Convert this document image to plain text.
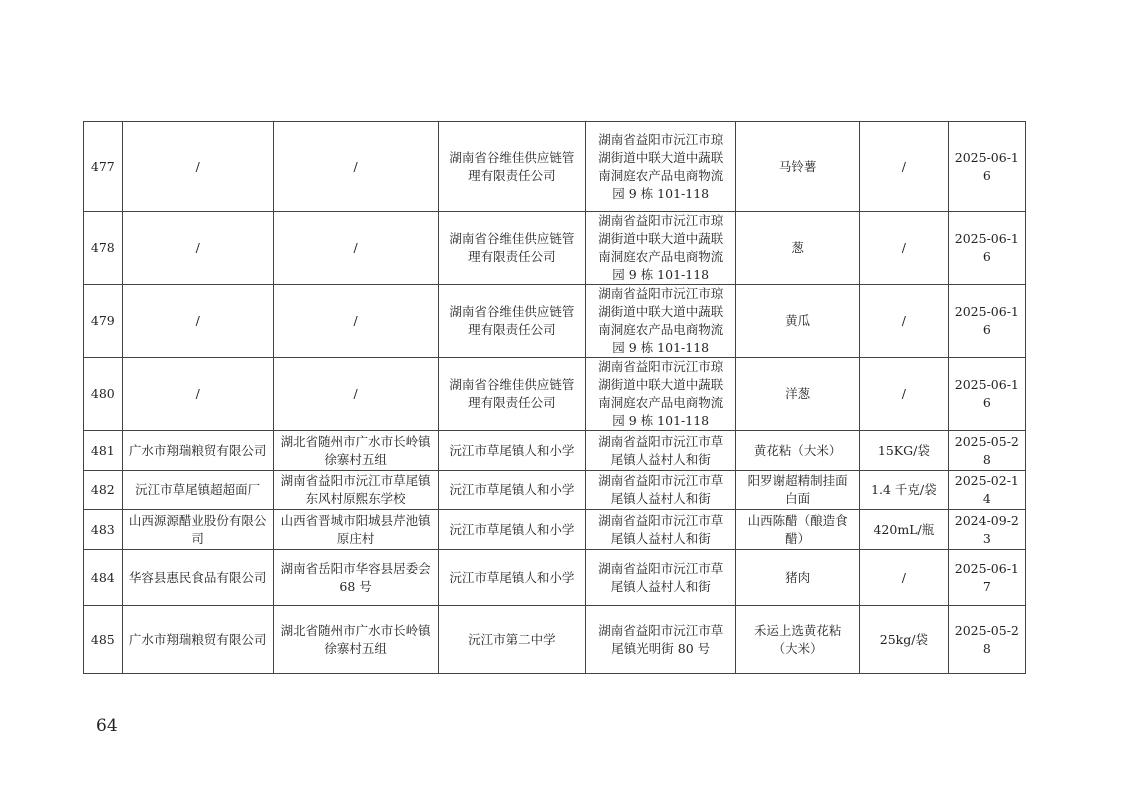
477	/	/	湖南省谷维佳供应链管理有限责任公司	湖南省益阳市沅江市琼湖街道中联大道中蔬联南洞庭农产品电商物流园 9 栋 101-118	马铃薯	/	2025-06-16
478	/	/	湖南省谷维佳供应链管理有限责任公司	湖南省益阳市沅江市琼湖街道中联大道中蔬联南洞庭农产品电商物流园 9 栋 101-118	葱	/	2025-06-16
479	/	/	湖南省谷维佳供应链管理有限责任公司	湖南省益阳市沅江市琼湖街道中联大道中蔬联南洞庭农产品电商物流园 9 栋 101-118	黄瓜	/	2025-06-16
480	/	/	湖南省谷维佳供应链管理有限责任公司	湖南省益阳市沅江市琼湖街道中联大道中蔬联南洞庭农产品电商物流园 9 栋 101-118	洋葱	/	2025-06-16
481	广水市翔瑞粮贸有限公司	湖北省随州市广水市长岭镇徐寨村五组	沅江市草尾镇人和小学	湖南省益阳市沅江市草尾镇人益村人和街	黄花粘（大米）	15KG/袋	2025-05-28
482	沅江市草尾镇超超面厂	湖南省益阳市沅江市草尾镇东风村原熙东学校	沅江市草尾镇人和小学	湖南省益阳市沅江市草尾镇人益村人和街	阳罗谢超精制挂面白面	1.4 千克/袋	2025-02-14
483	山西源源醋业股份有限公司	山西省晋城市阳城县芹池镇原庄村	沅江市草尾镇人和小学	湖南省益阳市沅江市草尾镇人益村人和街	山西陈醋（酿造食醋）	420mL/瓶	2024-09-23
484	华容县惠民食品有限公司	湖南省岳阳市华容县居委会 68 号	沅江市草尾镇人和小学	湖南省益阳市沅江市草尾镇人益村人和街	猪肉	/	2025-06-17
485	广水市翔瑞粮贸有限公司	湖北省随州市广水市长岭镇徐寨村五组	沅江市第二中学	湖南省益阳市沅江市草尾镇光明街 80 号	禾运上选黄花粘（大米）	25kg/袋	2025-05-28
64
